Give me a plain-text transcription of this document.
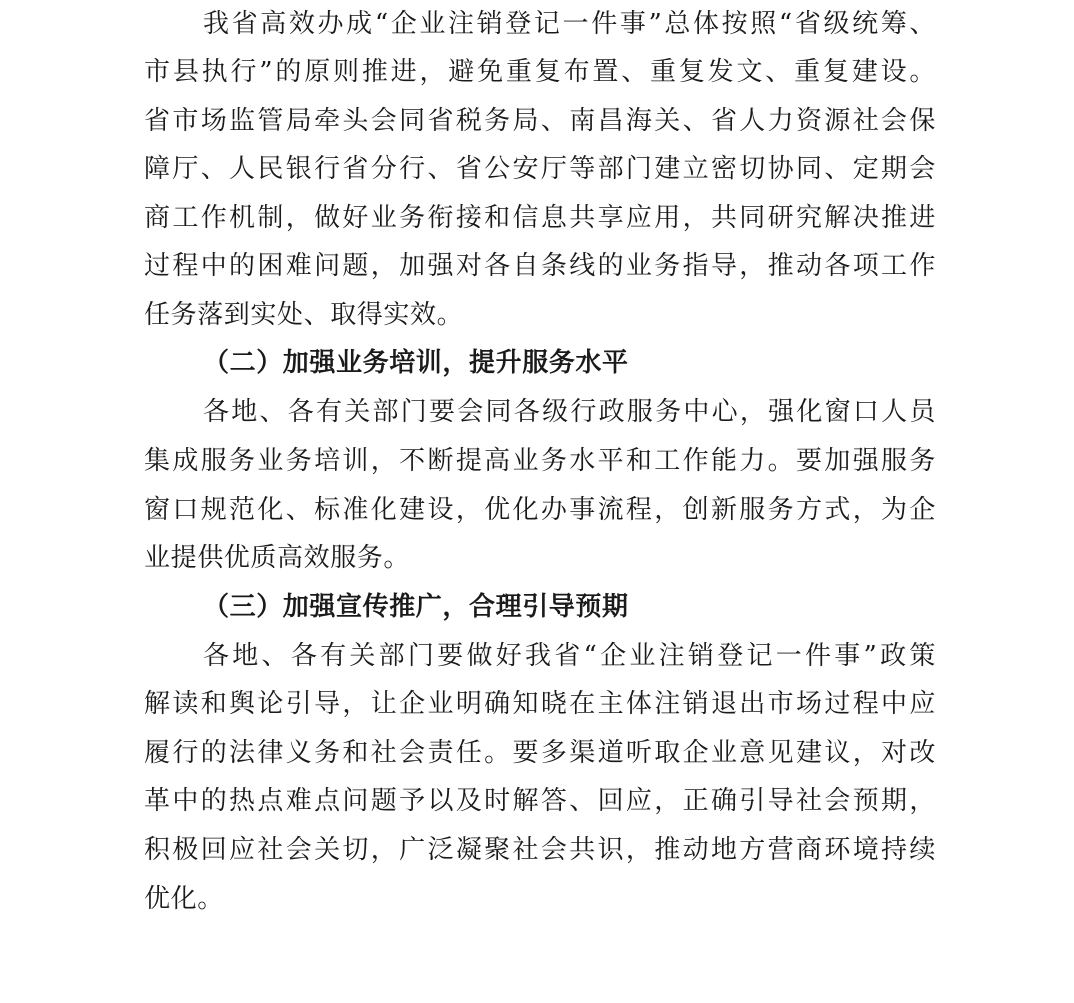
我省高效办成“企业注销登记一件事”总体按照“省级统筹、
市县执行”的原则推进，避免重复布置、重复发文、重复建设。
省市场监管局牵头会同省税务局、南昌海关、省人力资源社会保
障厅、人民银行省分行、省公安厅等部门建立密切协同、定期会
商工作机制，做好业务衔接和信息共享应用，共同研究解决推进
过程中的困难问题，加强对各自条线的业务指导，推动各项工作
任务落到实处、取得实效。
（二）加强业务培训，提升服务水平
各地、各有关部门要会同各级行政服务中心，强化窗口人员
集成服务业务培训，不断提高业务水平和工作能力。要加强服务
窗口规范化、标准化建设，优化办事流程，创新服务方式，为企
业提供优质高效服务。
（三）加强宣传推广，合理引导预期
各地、各有关部门要做好我省“企业注销登记一件事”政策
解读和舆论引导，让企业明确知晓在主体注销退出市场过程中应
履行的法律义务和社会责任。要多渠道听取企业意见建议，对改
革中的热点难点问题予以及时解答、回应，正确引导社会预期，
积极回应社会关切，广泛凝聚社会共识，推动地方营商环境持续
优化。
